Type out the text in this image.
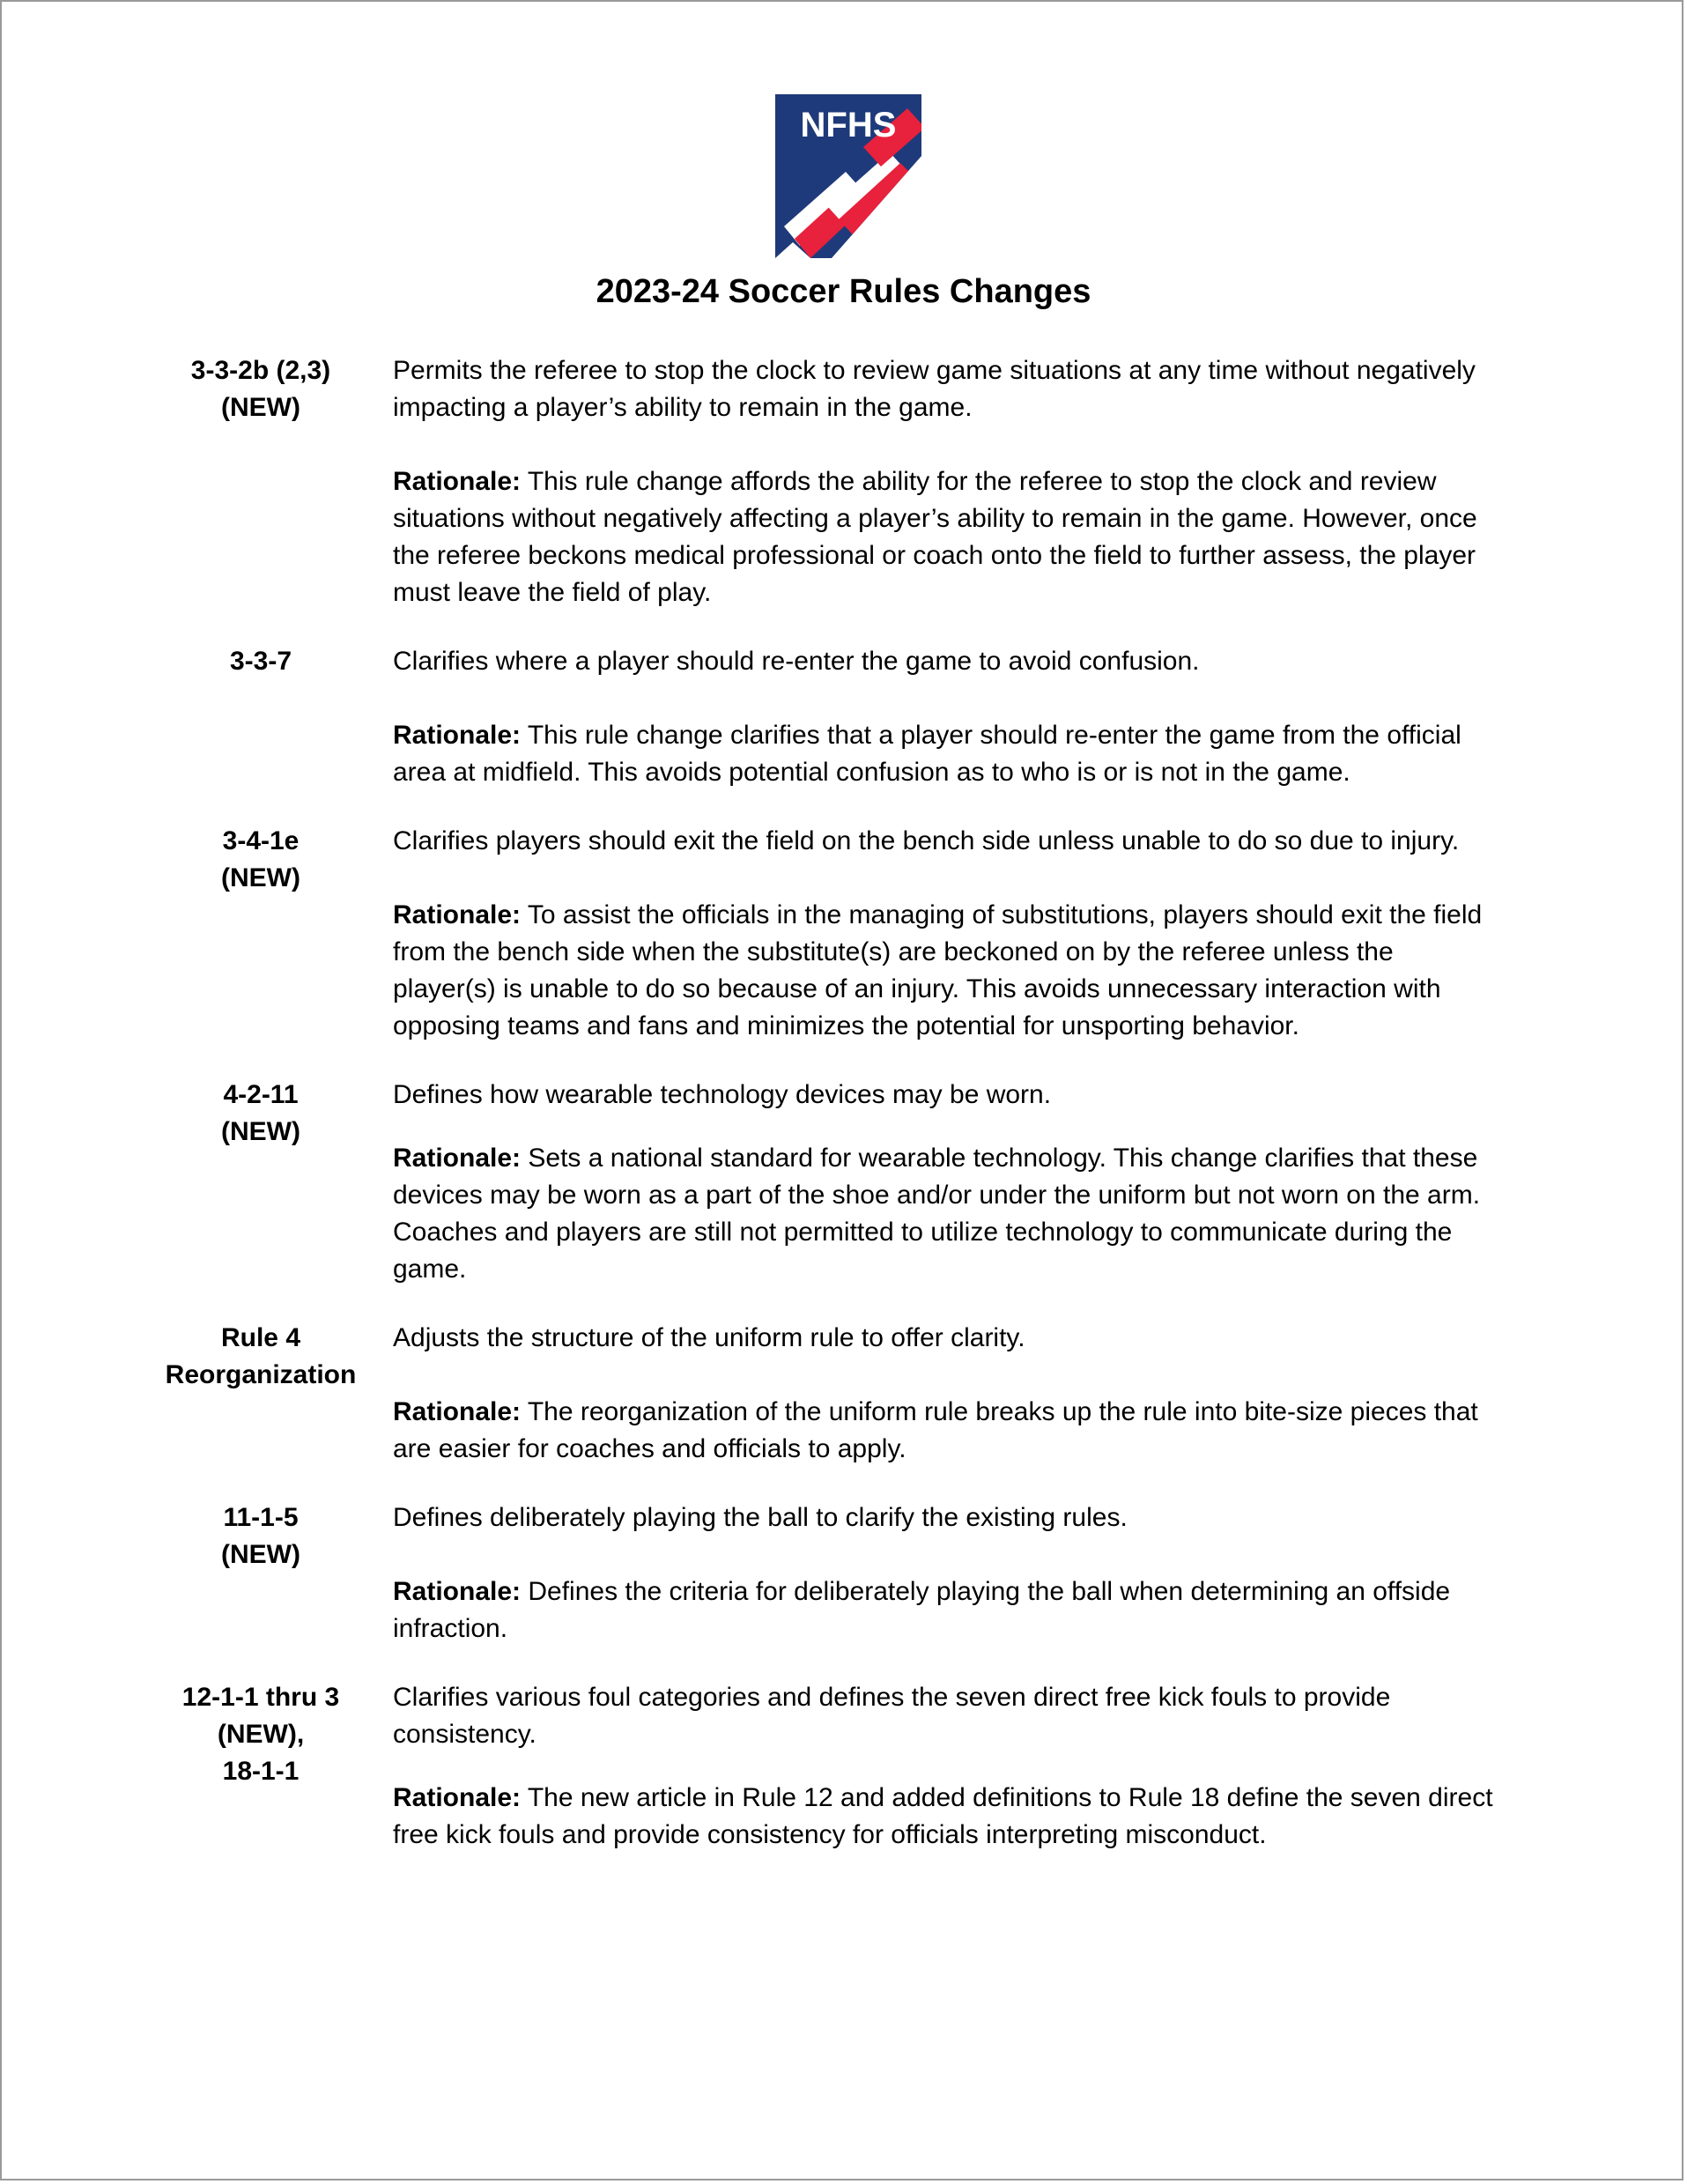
NFHS
2023-24 Soccer Rules Changes
3-3-2b (2,3)
(NEW)

Permits the referee to stop the clock to review game situations at any time without negatively impacting a player’s ability to remain in the game.

Rationale: This rule change affords the ability for the referee to stop the clock and review situations without negatively affecting a player’s ability to remain in the game. However, once the referee beckons medical professional or coach onto the field to further assess, the player must leave the field of play.

3-3-7	Clarifies where a player should re-enter the game to avoid confusion.

Rationale: This rule change clarifies that a player should re-enter the game from the official area at midfield. This avoids potential confusion as to who is or is not in the game.

3-4-1e
(NEW)

Clarifies players should exit the field on the bench side unless unable to do so due to injury.

Rationale: To assist the officials in the managing of substitutions, players should exit the field from the bench side when the substitute(s) are beckoned on by the referee unless the player(s) is unable to do so because of an injury. This avoids unnecessary interaction with opposing teams and fans and minimizes the potential for unsporting behavior.

4-2-11
(NEW)

Defines how wearable technology devices may be worn.

Rationale: Sets a national standard for wearable technology. This change clarifies that these devices may be worn as a part of the shoe and/or under the uniform but not worn on the arm. Coaches and players are still not permitted to utilize technology to communicate during the game.

Rule 4
Reorganization

Adjusts the structure of the uniform rule to offer clarity.

Rationale: The reorganization of the uniform rule breaks up the rule into bite-size pieces that are easier for coaches and officials to apply.

11-1-5
(NEW)

Defines deliberately playing the ball to clarify the existing rules.

Rationale: Defines the criteria for deliberately playing the ball when determining an offside infraction.

12-1-1 thru 3
(NEW),
18-1-1

Clarifies various foul categories and defines the seven direct free kick fouls to provide consistency.

Rationale: The new article in Rule 12 and added definitions to Rule 18 define the seven direct free kick fouls and provide consistency for officials interpreting misconduct.
